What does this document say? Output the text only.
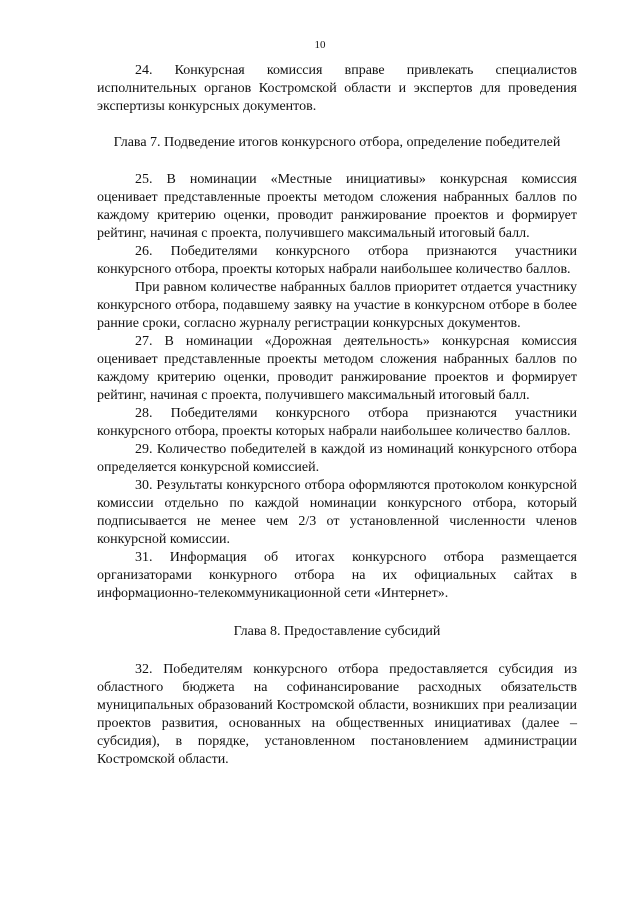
10

24. Конкурсная комиссия вправе привлекать специалистов исполнительных органов Костромской области и экспертов для проведения экспертизы конкурсных документов.

Глава 7. Подведение итогов конкурсного отбора, определение победителей

25. В номинации «Местные инициативы» конкурсная комиссия оценивает представленные проекты методом сложения набранных баллов по каждому критерию оценки, проводит ранжирование проектов и формирует рейтинг, начиная с проекта, получившего максимальный итоговый балл.

26. Победителями конкурсного отбора признаются участники конкурсного отбора, проекты которых набрали наибольшее количество баллов.

При равном количестве набранных баллов приоритет отдается участнику конкурсного отбора, подавшему заявку на участие в конкурсном отборе в более ранние сроки, согласно журналу регистрации конкурсных документов.

27. В номинации «Дорожная деятельность» конкурсная комиссия оценивает представленные проекты методом сложения набранных баллов по каждому критерию оценки, проводит ранжирование проектов и формирует рейтинг, начиная с проекта, получившего максимальный итоговый балл.

28. Победителями конкурсного отбора признаются участники конкурсного отбора, проекты которых набрали наибольшее количество баллов.

29. Количество победителей в каждой из номинаций конкурсного отбора определяется конкурсной комиссией.

30. Результаты конкурсного отбора оформляются протоколом конкурсной комиссии отдельно по каждой номинации конкурсного отбора, который подписывается не менее чем 2/3 от установленной численности членов конкурсной комиссии.

31. Информация об итогах конкурсного отбора размещается организаторами конкурного отбора на их официальных сайтах в информационно-телекоммуникационной сети «Интернет».

Глава 8. Предоставление субсидий

32. Победителям конкурсного отбора предоставляется субсидия из областного бюджета на софинансирование расходных обязательств муниципальных образований Костромской области, возникших при реализации проектов развития, основанных на общественных инициативах (далее – субсидия), в порядке, установленном постановлением администрации Костромской области.
